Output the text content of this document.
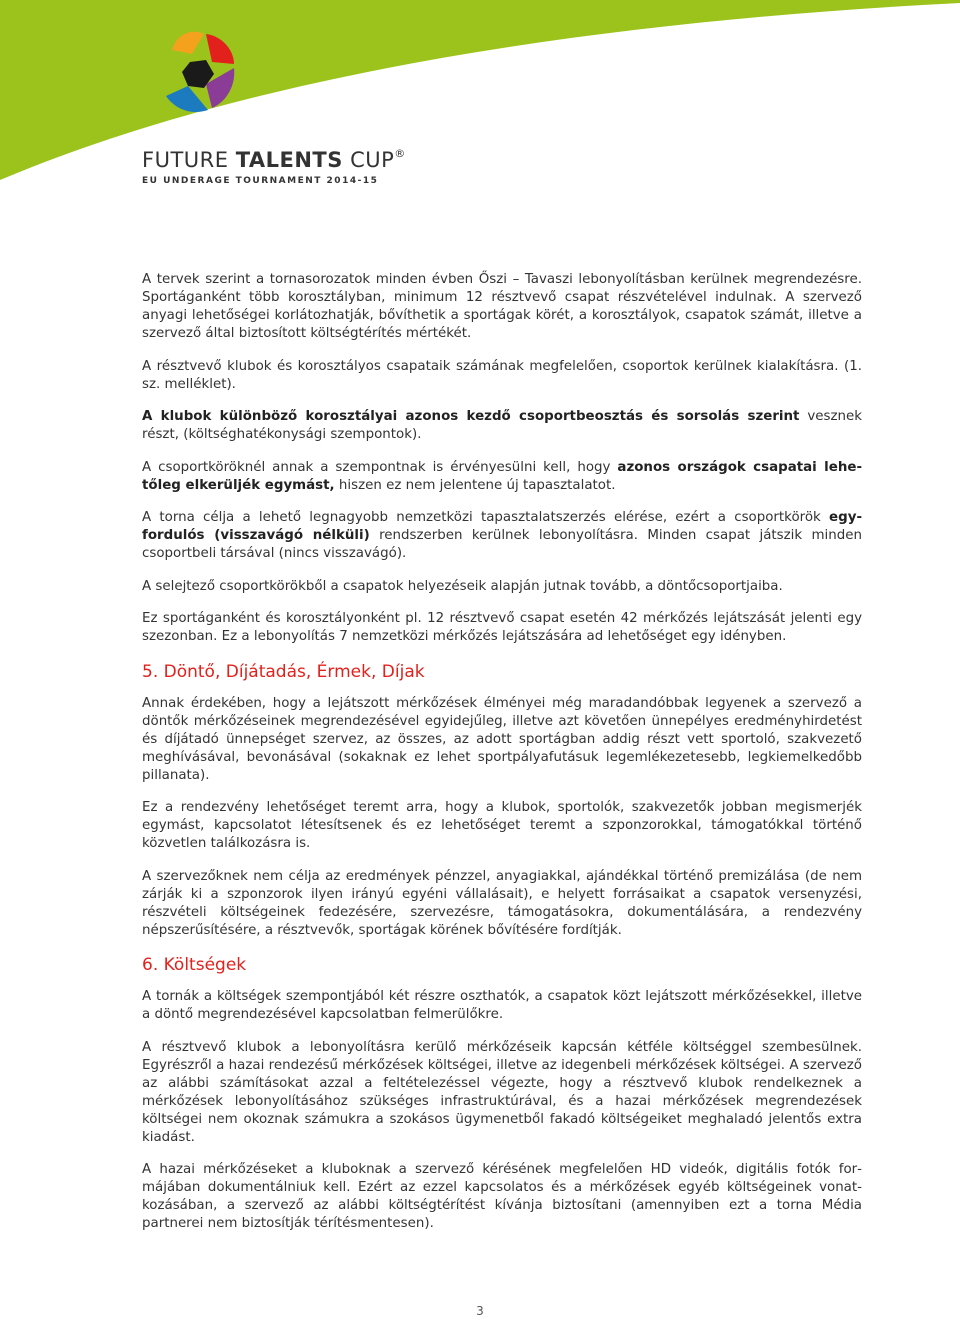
FUTURE TALENTS CUP®
EU UNDERAGE TOURNAMENT 2014-15

A tervek szerint a tornasorozatok minden évben Őszi – Tavaszi lebonyolításban kerülnek megrendezésre. Sportáganként több korosztályban, minimum 12 résztvevő csapat részvételével indulnak. A szervező anyagi lehetőségei korlátozhatják, bővíthetik a sportágak körét, a korosztályok, csapatok számát, illetve a szervező által biztosított költségtérítés mértékét.

A résztvevő klubok és korosztályos csapataik számának megfelelően, csoportok kerülnek kialakításra. (1. sz. melléklet).

A klubok különböző korosztályai azonos kezdő csoportbeosztás és sorsolás szerint vesznek részt, (költséghatékonysági szempontok).

A csoportköröknél annak a szempontnak is érvényesülni kell, hogy azonos országok csapatai lehetőleg elkerüljék egymást, hiszen ez nem jelentene új tapasztalatot.

A torna célja a lehető legnagyobb nemzetközi tapasztalatszerzés elérése, ezért a csoportkörök egyfordulós (visszavágó nélküli) rendszerben kerülnek lebonyolításra. Minden csapat játszik minden csoportbeli társával (nincs visszavágó).

A selejtező csoportkörökből a csapatok helyezéseik alapján jutnak tovább, a döntőcsoportjaiba.

Ez sportáganként és korosztályonként pl. 12 résztvevő csapat esetén 42 mérkőzés lejátszását jelenti egy szezonban. Ez a lebonyolítás 7 nemzetközi mérkőzés lejátszására ad lehetőséget egy idényben.

5. Döntő, Díjátadás, Érmek, Díjak

Annak érdekében, hogy a lejátszott mérkőzések élményei még maradandóbbak legyenek a szervező a döntők mérkőzéseinek megrendezésével egyidejűleg, illetve azt követően ünnepélyes eredményhirdetést és díjátadó ünnepséget szervez, az összes, az adott sportágban addig részt vett sportoló, szakvezető meghívásával, bevonásával (sokaknak ez lehet sportpályafutásuk legemlékezetesebb, legkiemelkedőbb pillanata).

Ez a rendezvény lehetőséget teremt arra, hogy a klubok, sportolók, szakvezetők jobban megismerjék egymást, kapcsolatot létesítsenek és ez lehetőséget teremt a szponzorokkal, támogatókkal történő közvetlen találkozásra is.

A szervezőknek nem célja az eredmények pénzzel, anyagiakkal, ajándékkal történő premizálása (de nem zárják ki a szponzorok ilyen irányú egyéni vállalásait), e helyett forrásaikat a csapatok versenyzési, részvételi költségeinek fedezésére, szervezésre, támogatásokra, dokumentálására, a rendezvény népszerűsítésére, a résztvevők, sportágak körének bővítésére fordítják.

6. Költségek

A tornák a költségek szempontjából két részre oszthatók, a csapatok közt lejátszott mérkőzésekkel, illetve a döntő megrendezésével kapcsolatban felmerülőkre.

A résztvevő klubok a lebonyolításra kerülő mérkőzéseik kapcsán kétféle költséggel szembesülnek. Egyrészről a hazai rendezésű mérkőzések költségei, illetve az idegenbeli mérkőzések költségei. A szervező az alábbi számításokat azzal a feltételezéssel végezte, hogy a résztvevő klubok rendelkeznek a mérkőzések lebonyolításához szükséges infrastruktúrával, és a hazai mérkőzések megrendezések költségei nem okoznak számukra a szokásos ügymenetből fakadó költségeiket meghaladó jelentős extra kiadást.

A hazai mérkőzéseket a kluboknak a szervező kérésének megfelelően HD videók, digitális fotók formájában dokumentálniuk kell. Ezért az ezzel kapcsolatos és a mérkőzések egyéb költségeinek vonatkozásában, a szervező az alábbi költségtérítést kívánja biztosítani (amennyiben ezt a torna Média partnerei nem biztosítják térítésmentesen).

3
